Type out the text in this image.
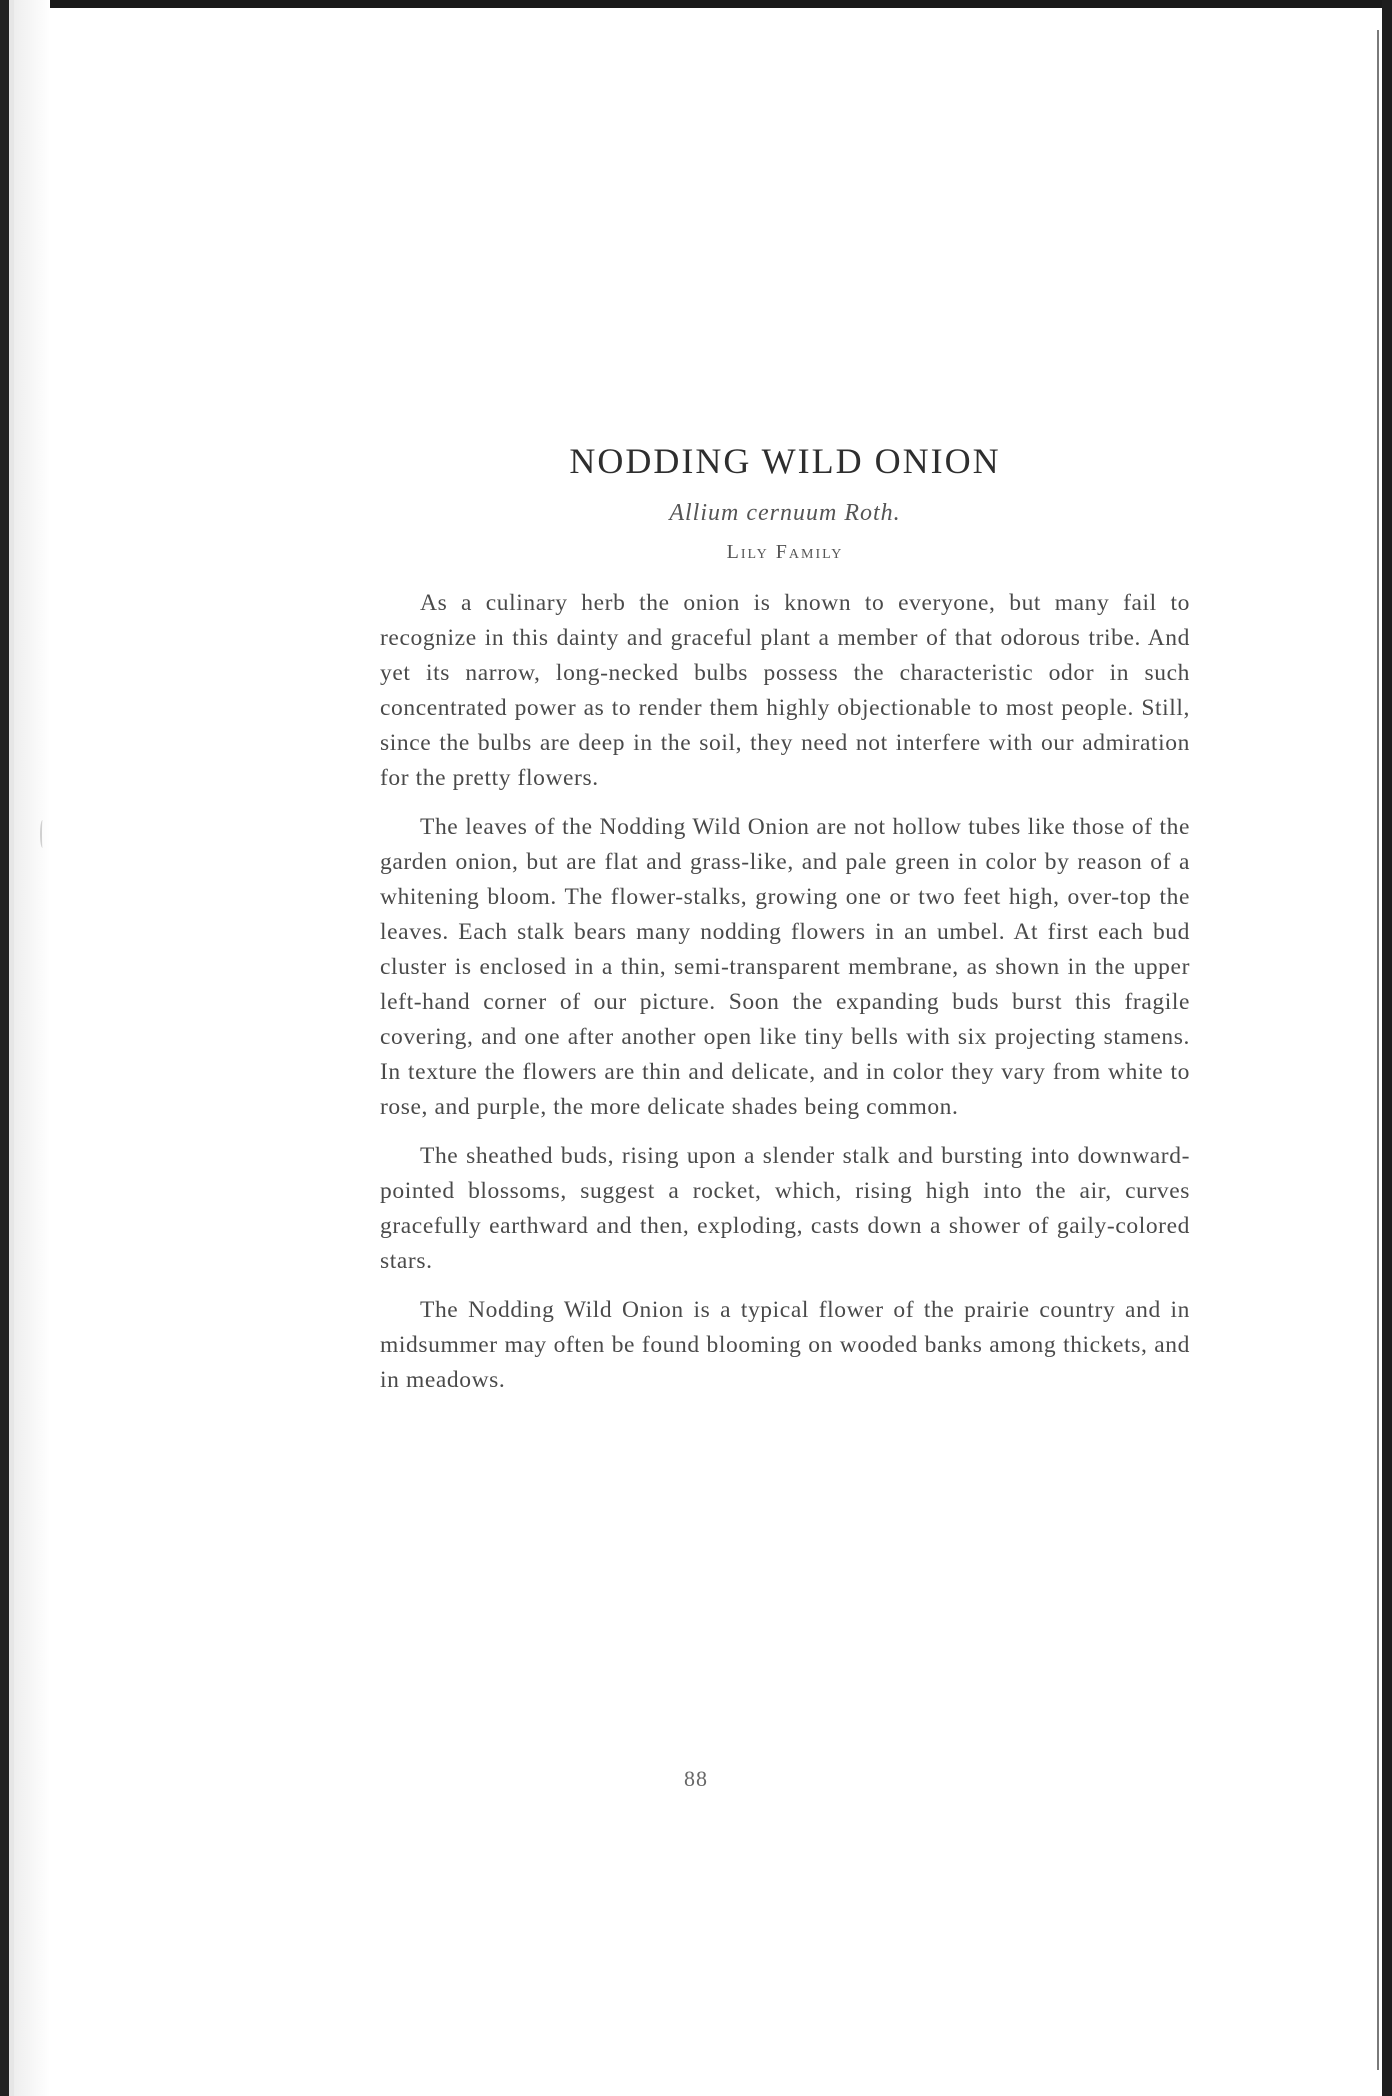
NODDING WILD ONION
Allium cernuum Roth.
Lily Family

As a culinary herb the onion is known to everyone, but many fail to recognize in this dainty and graceful plant a member of that odorous tribe. And yet its narrow, long-necked bulbs possess the characteristic odor in such concentrated power as to render them highly objectionable to most people. Still, since the bulbs are deep in the soil, they need not interfere with our admiration for the pretty flowers.

The leaves of the Nodding Wild Onion are not hollow tubes like those of the garden onion, but are flat and grass-like, and pale green in color by reason of a whitening bloom. The flower-stalks, growing one or two feet high, over-top the leaves. Each stalk bears many nodding flowers in an umbel. At first each bud cluster is enclosed in a thin, semi-transparent membrane, as shown in the upper left-hand corner of our picture. Soon the expanding buds burst this fragile covering, and one after another open like tiny bells with six projecting stamens. In texture the flowers are thin and delicate, and in color they vary from white to rose, and purple, the more delicate shades being common.

The sheathed buds, rising upon a slender stalk and bursting into downward-pointed blossoms, suggest a rocket, which, rising high into the air, curves gracefully earthward and then, exploding, casts down a shower of gaily-colored stars.

The Nodding Wild Onion is a typical flower of the prairie country and in midsummer may often be found blooming on wooded banks among thickets, and in meadows.

88
